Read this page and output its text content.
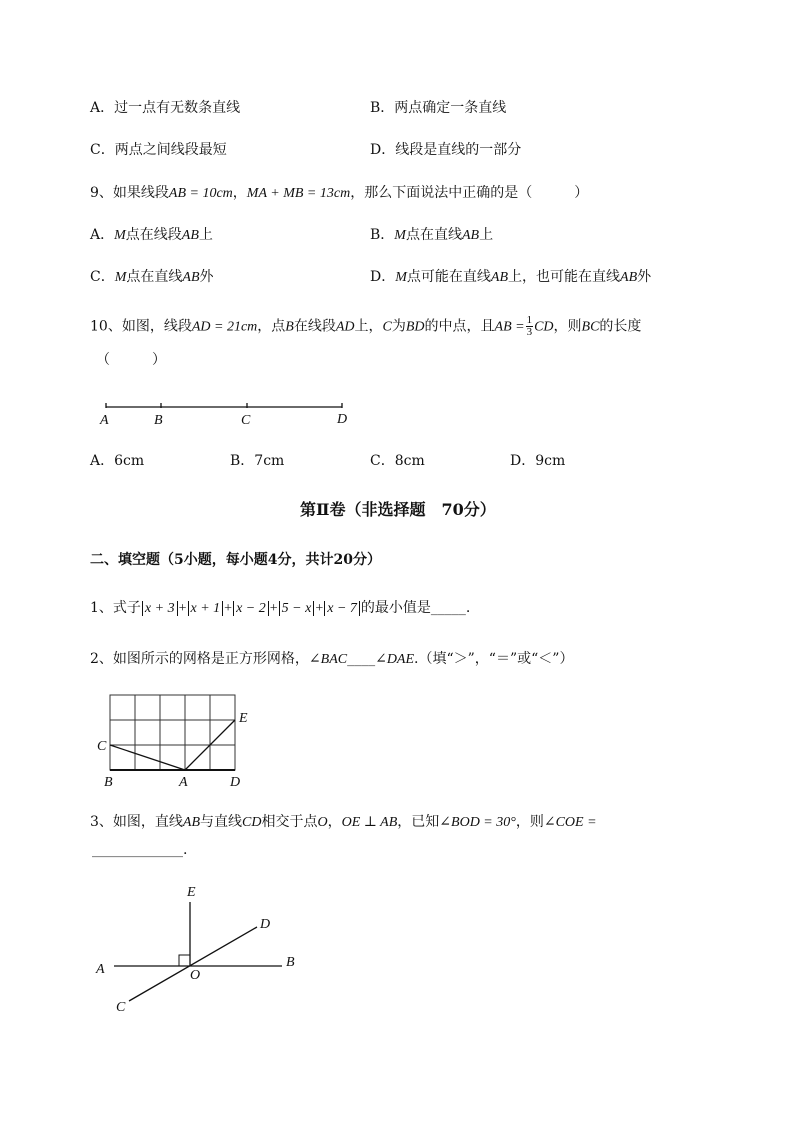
A．过一点有无数条直线	B．两点确定一条直线
C．两点之间线段最短	D．线段是直线的一部分
9、如果线段AB = 10cm，MA + MB = 13cm，那么下面说法中正确的是（　　　）
A．M点在线段AB上	B．M点在直线AB上
C．M点在直线AB外	D．M点可能在直线AB上，也可能在直线AB外
10、如图，线段AD = 21cm，点B在线段AD上，C为BD的中点，且AB = $\frac{1}{3}$ CD，则BC的长度
（　　　）
A	B	C	D
A．6cm	B．7cm	C．8cm	D．9cm
第Ⅱ卷（非选择题　70分）
二、填空题（5小题，每小题4分，共计20分）
1、式子 x + 3 + x + 1 + x − 2 + 5 − x + x − 7 的最小值是_____.
2、如图所示的网格是正方形网格，∠BAC____∠DAE.（填“＞”，“＝”或“＜”）
C
E
B	A	D
3、如图，直线AB与直线CD相交于点O，OE ⊥ AB，已知∠BOD = 30°，则∠COE =
_____________.
E
D
A	O
B
C
